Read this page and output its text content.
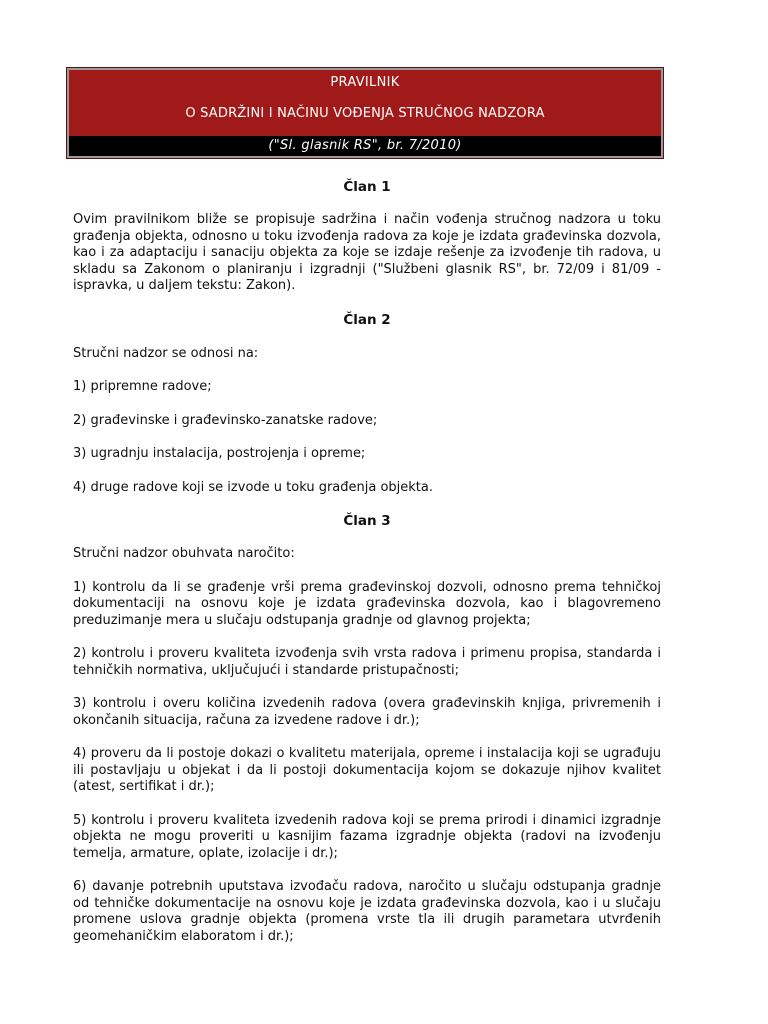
PRAVILNIK
O SADRŽINI I NAČINU VOĐENJA STRUČNOG NADZORA
("Sl. glasnik RS", br. 7/2010)
Član 1

Ovim pravilnikom bliže se propisuje sadržina i način vođenja stručnog nadzora u toku građenja objekta, odnosno u toku izvođenja radova za koje je izdata građevinska dozvola, kao i za adaptaciju i sanaciju objekta za koje se izdaje rešenje za izvođenje tih radova, u skladu sa Zakonom o planiranju i izgradnji ("Službeni glasnik RS", br. 72/09 i 81/09 - ispravka, u daljem tekstu: Zakon).

Član 2

Stručni nadzor se odnosi na:

1) pripremne radove;

2) građevinske i građevinsko-zanatske radove;

3) ugradnju instalacija, postrojenja i opreme;

4) druge radove koji se izvode u toku građenja objekta.

Član 3

Stručni nadzor obuhvata naročito:

1) kontrolu da li se građenje vrši prema građevinskoj dozvoli, odnosno prema tehničkoj dokumentaciji na osnovu koje je izdata građevinska dozvola, kao i blagovremeno preduzimanje mera u slučaju odstupanja gradnje od glavnog projekta;

2) kontrolu i proveru kvaliteta izvođenja svih vrsta radova i primenu propisa, standarda i tehničkih normativa, uključujući i standarde pristupačnosti;

3) kontrolu i overu količina izvedenih radova (overa građevinskih knjiga, privremenih i okončanih situacija, računa za izvedene radove i dr.);

4) proveru da li postoje dokazi o kvalitetu materijala, opreme i instalacija koji se ugrađuju ili postavljaju u objekat i da li postoji dokumentacija kojom se dokazuje njihov kvalitet (atest, sertifikat i dr.);

5) kontrolu i proveru kvaliteta izvedenih radova koji se prema prirodi i dinamici izgradnje objekta ne mogu proveriti u kasnijim fazama izgradnje objekta (radovi na izvođenju temelja, armature, oplate, izolacije i dr.);

6) davanje potrebnih uputstava izvođaču radova, naročito u slučaju odstupanja gradnje od tehničke dokumentacije na osnovu koje je izdata građevinska dozvola, kao i u slučaju promene uslova gradnje objekta (promena vrste tla ili drugih parametara utvrđenih geomehaničkim elaboratom i dr.);
